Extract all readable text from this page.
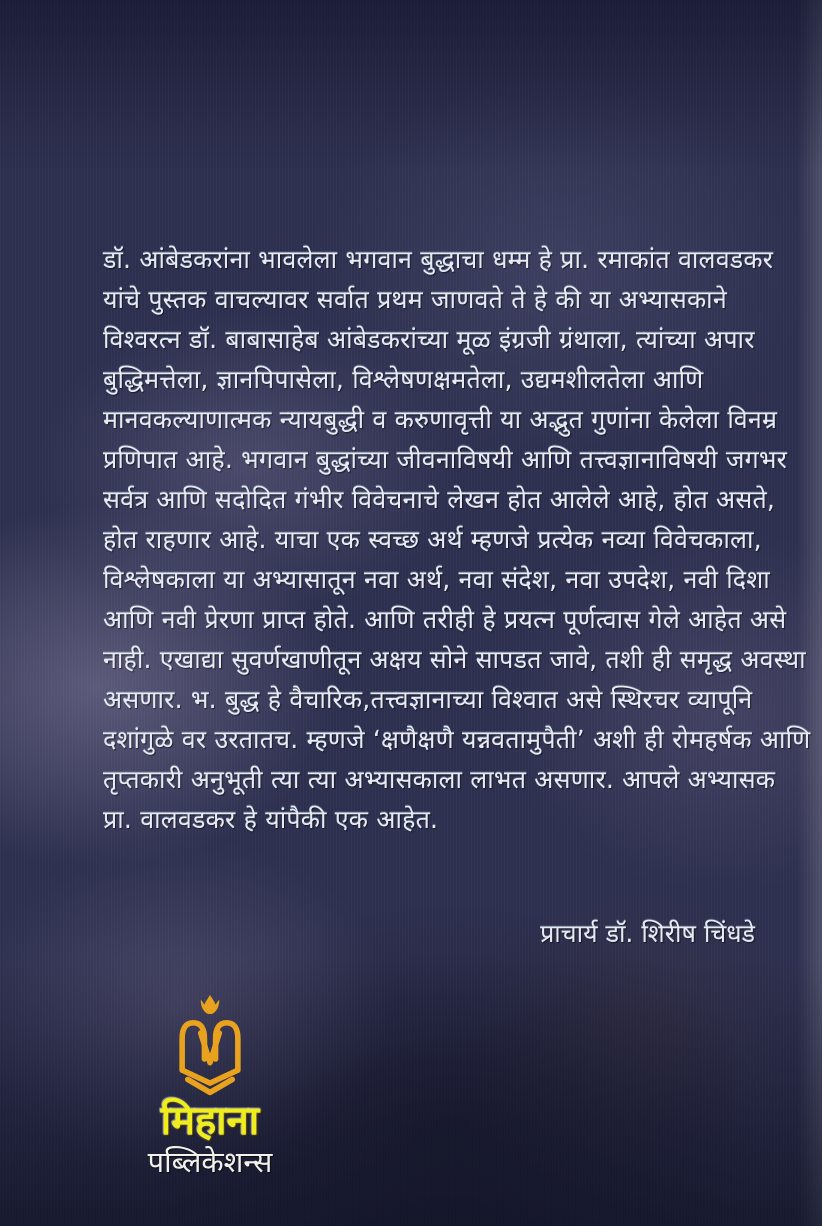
डॉ. आंबेडकरांना भावलेला भगवान बुद्धाचा धम्म हे प्रा. रमाकांत वालवडकर
यांचे पुस्तक वाचल्यावर सर्वात प्रथम जाणवते ते हे की या अभ्यासकाने
विश्वरत्न डॉ. बाबासाहेब आंबेडकरांच्या मूळ इंग्रजी ग्रंथाला, त्यांच्या अपार
बुद्धिमत्तेला, ज्ञानपिपासेला, विश्लेषणक्षमतेला, उद्यमशीलतेला आणि
मानवकल्याणात्मक न्यायबुद्धी व करुणावृत्ती या अद्भुत गुणांना केलेला विनम्र
प्रणिपात आहे. भगवान बुद्धांच्या जीवनाविषयी आणि तत्त्वज्ञानाविषयी जगभर
सर्वत्र आणि सदोदित गंभीर विवेचनाचे लेखन होत आलेले आहे, होत असते,
होत राहणार आहे. याचा एक स्वच्छ अर्थ म्हणजे प्रत्येक नव्या विवेचकाला,
विश्लेषकाला या अभ्यासातून नवा अर्थ, नवा संदेश, नवा उपदेश, नवी दिशा
आणि नवी प्रेरणा प्राप्त होते. आणि तरीही हे प्रयत्न पूर्णत्वास गेले आहेत असे
नाही. एखाद्या सुवर्णखाणीतून अक्षय सोने सापडत जावे, तशी ही समृद्ध अवस्था
असणार. भ. बुद्ध हे वैचारिक,तत्त्वज्ञानाच्या विश्वात असे स्थिरचर व्यापूनि
दशांगुळे वर उरतातच. म्हणजे ‘क्षणैक्षणै यन्नवतामुपैती’ अशी ही रोमहर्षक आणि
तृप्तकारी अनुभूती त्या त्या अभ्यासकाला लाभत असणार. आपले अभ्यासक
प्रा. वालवडकर हे यांपैकी एक आहेत.
प्राचार्य डॉ. शिरीष चिंधडे
मिहाना
पब्लिकेशन्स
